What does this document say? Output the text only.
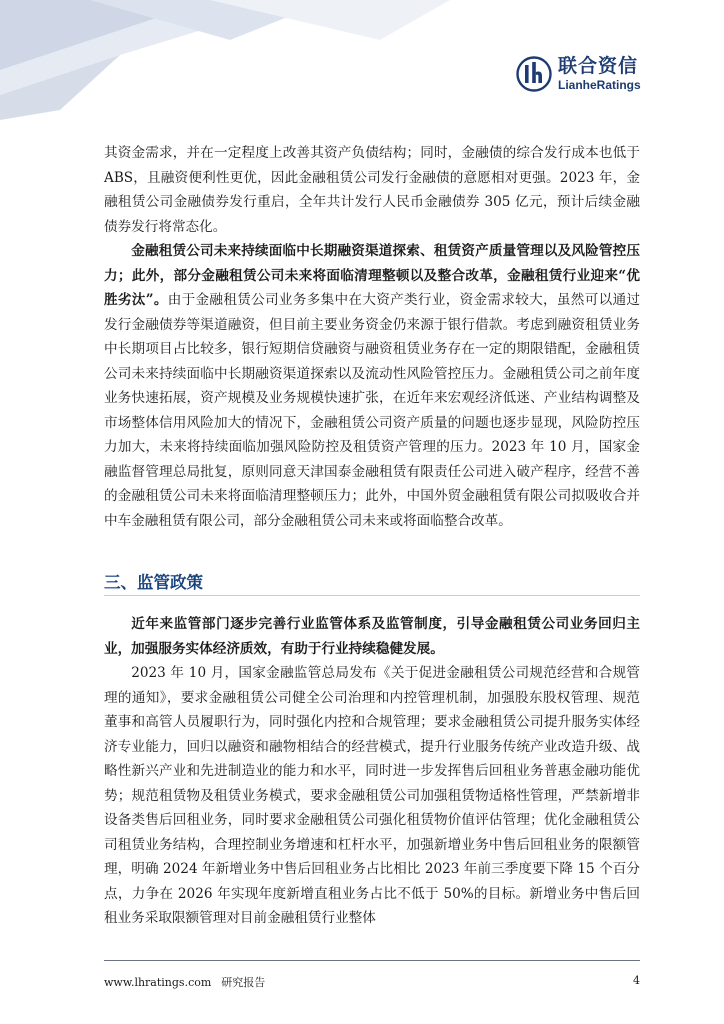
联合资信
LianheRatings

其资金需求，并在一定程度上改善其资产负债结构；同时，金融债的综合发行成本也低于 ABS，且融资便利性更优，因此金融租赁公司发行金融债的意愿相对更强。2023 年，金融租赁公司金融债券发行重启，全年共计发行人民币金融债券 305 亿元，预计后续金融债券发行将常态化。

金融租赁公司未来持续面临中长期融资渠道探索、租赁资产质量管理以及风险管控压力；此外，部分金融租赁公司未来将面临清理整顿以及整合改革，金融租赁行业迎来“优胜劣汰”。由于金融租赁公司业务多集中在大资产类行业，资金需求较大，虽然可以通过发行金融债券等渠道融资，但目前主要业务资金仍来源于银行借款。考虑到融资租赁业务中长期项目占比较多，银行短期信贷融资与融资租赁业务存在一定的期限错配，金融租赁公司未来持续面临中长期融资渠道探索以及流动性风险管控压力。金融租赁公司之前年度业务快速拓展，资产规模及业务规模快速扩张，在近年来宏观经济低迷、产业结构调整及市场整体信用风险加大的情况下，金融租赁公司资产质量的问题也逐步显现，风险防控压力加大，未来将持续面临加强风险防控及租赁资产管理的压力。2023 年 10 月，国家金融监督管理总局批复，原则同意天津国泰金融租赁有限责任公司进入破产程序，经营不善的金融租赁公司未来将面临清理整顿压力；此外，中国外贸金融租赁有限公司拟吸收合并中车金融租赁有限公司，部分金融租赁公司未来或将面临整合改革。

三、监管政策

近年来监管部门逐步完善行业监管体系及监管制度，引导金融租赁公司业务回归主业，加强服务实体经济质效，有助于行业持续稳健发展。

2023 年 10 月，国家金融监管总局发布《关于促进金融租赁公司规范经营和合规管理的通知》，要求金融租赁公司健全公司治理和内控管理机制，加强股东股权管理、规范董事和高管人员履职行为，同时强化内控和合规管理；要求金融租赁公司提升服务实体经济专业能力，回归以融资和融物相结合的经营模式，提升行业服务传统产业改造升级、战略性新兴产业和先进制造业的能力和水平，同时进一步发挥售后回租业务普惠金融功能优势；规范租赁物及租赁业务模式，要求金融租赁公司加强租赁物适格性管理，严禁新增非设备类售后回租业务，同时要求金融租赁公司强化租赁物价值评估管理；优化金融租赁公司租赁业务结构，合理控制业务增速和杠杆水平，加强新增业务中售后回租业务的限额管理，明确 2024 年新增业务中售后回租业务占比相比 2023 年前三季度要下降 15 个百分点，力争在 2026 年实现年度新增直租业务占比不低于 50%的目标。新增业务中售后回租业务采取限额管理对目前金融租赁行业整体

www.lhratings.com 研究报告	4
